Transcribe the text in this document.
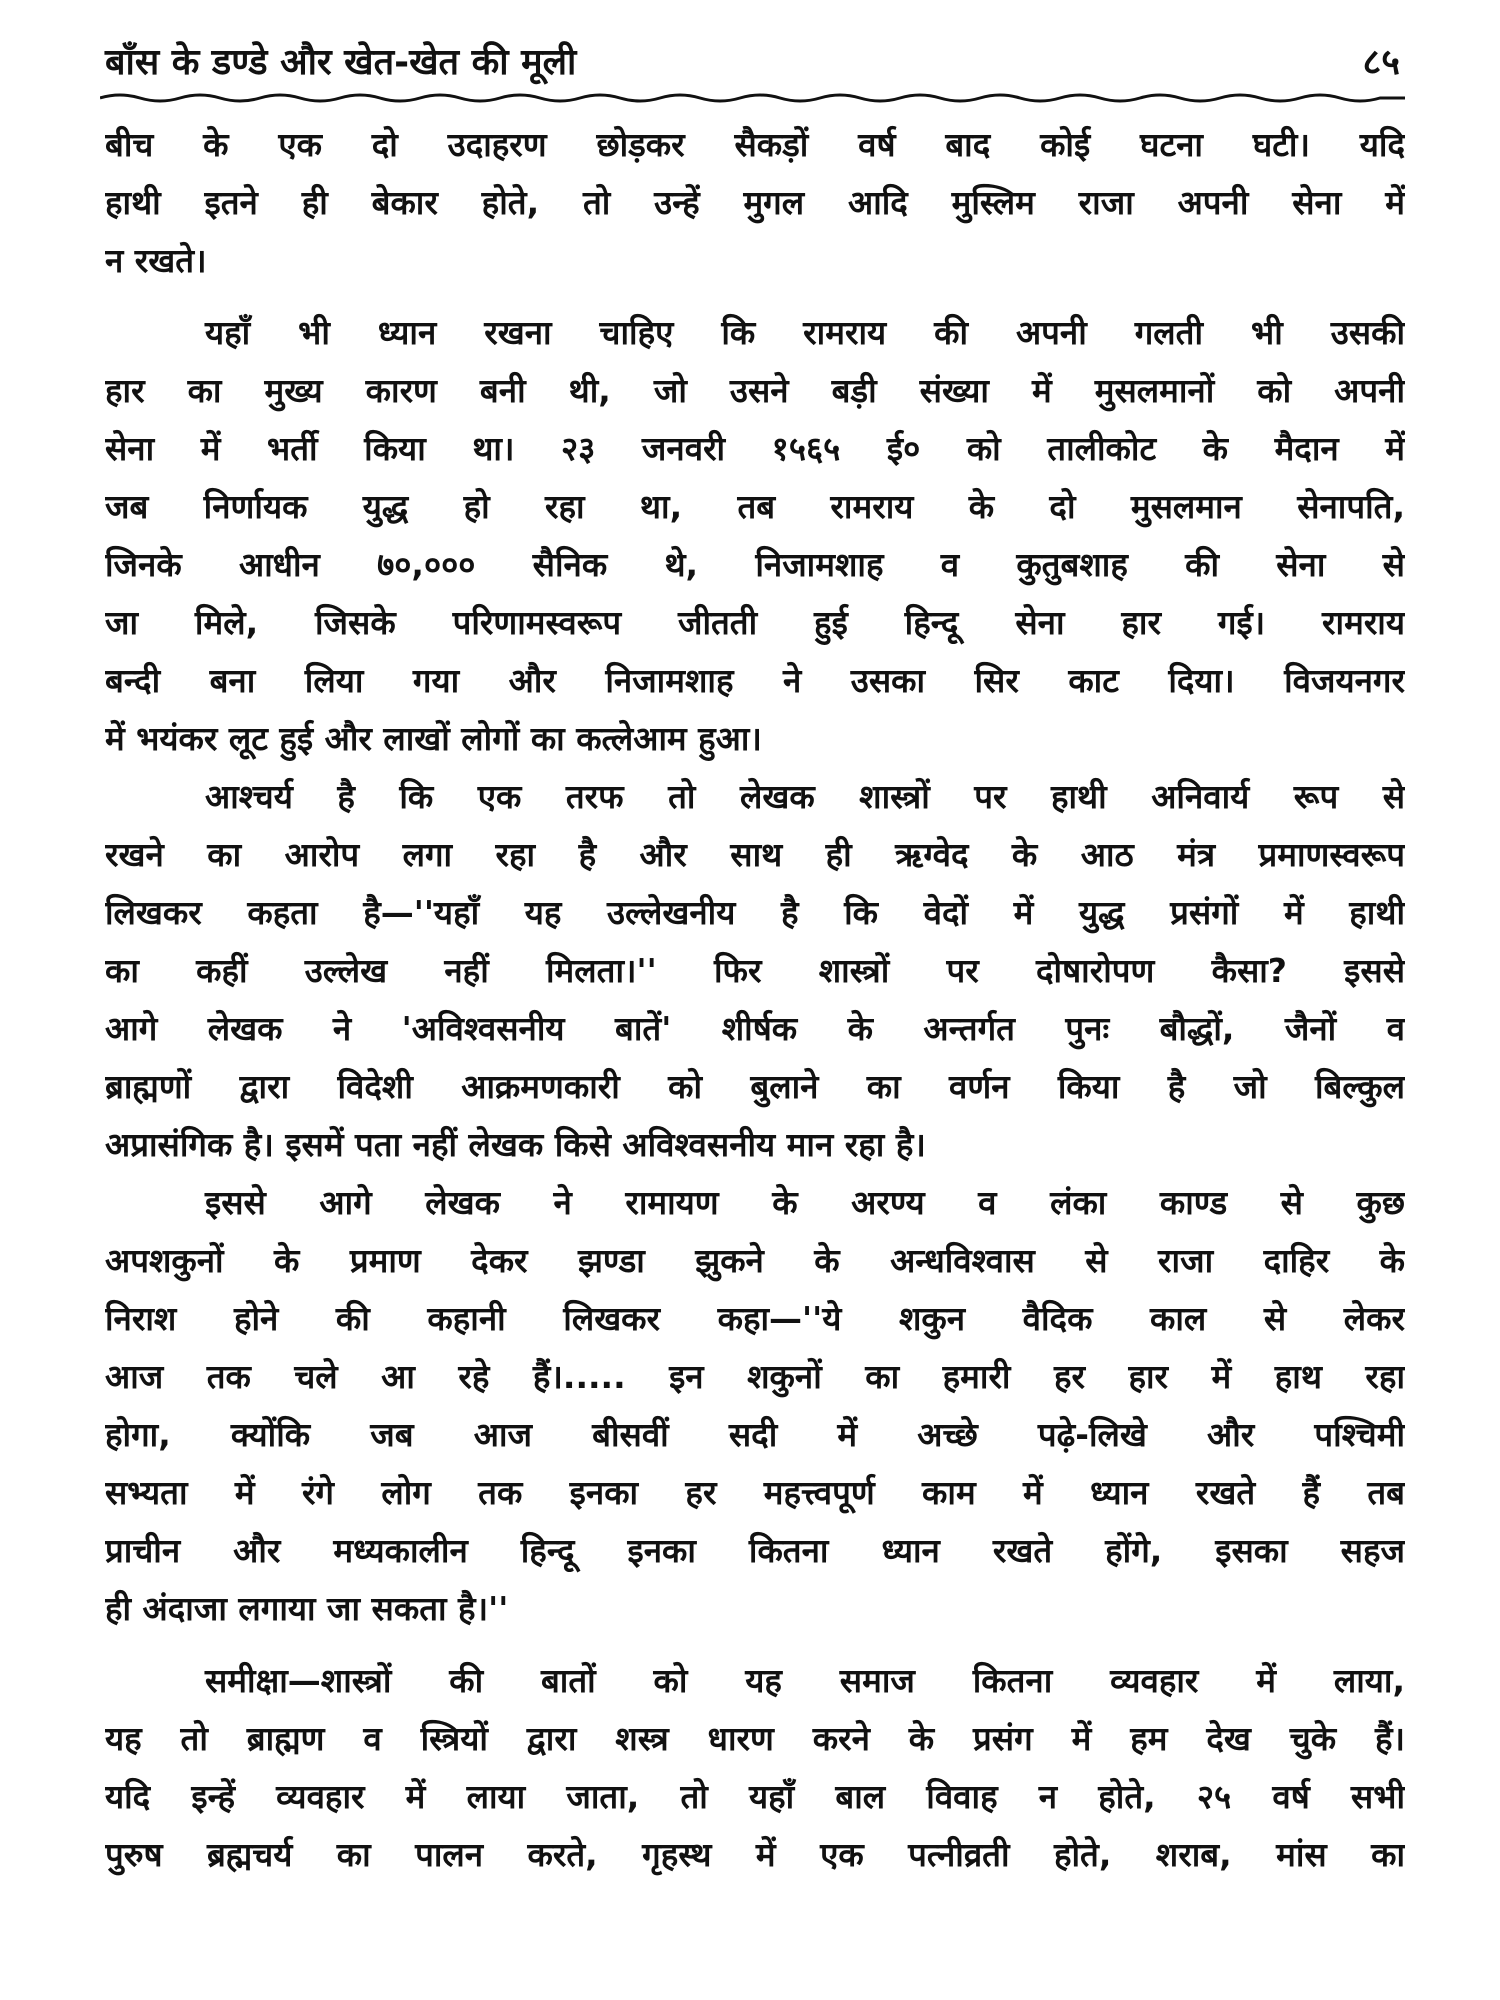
बाँस के डण्डे और खेत-खेत की मूली	८५
बीच के एक दो उदाहरण छोड़कर सैकड़ों वर्ष बाद कोई घटना घटी। यदि
हाथी इतने ही बेकार होते, तो उन्हें मुगल आदि मुस्लिम राजा अपनी सेना में
न रखते।
यहाँ भी ध्यान रखना चाहिए कि रामराय की अपनी गलती भी उसकी
हार का मुख्य कारण बनी थी, जो उसने बड़ी संख्या में मुसलमानों को अपनी
सेना में भर्ती किया था। २३ जनवरी १५६५ ई० को तालीकोट के मैदान में
जब निर्णायक युद्ध हो रहा था, तब रामराय के दो मुसलमान सेनापति,
जिनके आधीन ७०,००० सैनिक थे, निजामशाह व कुतुबशाह की सेना से
जा मिले, जिसके परिणामस्वरूप जीतती हुई हिन्दू सेना हार गई। रामराय
बन्दी बना लिया गया और निजामशाह ने उसका सिर काट दिया। विजयनगर
में भयंकर लूट हुई और लाखों लोगों का कत्लेआम हुआ।
आश्चर्य है कि एक तरफ तो लेखक शास्त्रों पर हाथी अनिवार्य रूप से
रखने का आरोप लगा रहा है और साथ ही ऋग्वेद के आठ मंत्र प्रमाणस्वरूप
लिखकर कहता है—''यहाँ यह उल्लेखनीय है कि वेदों में युद्ध प्रसंगों में हाथी
का कहीं उल्लेख नहीं मिलता।'' फिर शास्त्रों पर दोषारोपण कैसा? इससे
आगे लेखक ने 'अविश्वसनीय बातें' शीर्षक के अन्तर्गत पुनः बौद्धों, जैनों व
ब्राह्मणों द्वारा विदेशी आक्रमणकारी को बुलाने का वर्णन किया है जो बिल्कुल
अप्रासंगिक है। इसमें पता नहीं लेखक किसे अविश्वसनीय मान रहा है।
इससे आगे लेखक ने रामायण के अरण्य व लंका काण्ड से कुछ
अपशकुनों के प्रमाण देकर झण्डा झुकने के अन्धविश्वास से राजा दाहिर के
निराश होने की कहानी लिखकर कहा—''ये शकुन वैदिक काल से लेकर
आज तक चले आ रहे हैं।..... इन शकुनों का हमारी हर हार में हाथ रहा
होगा, क्योंकि जब आज बीसवीं सदी में अच्छे पढ़े-लिखे और पश्चिमी
सभ्यता में रंगे लोग तक इनका हर महत्त्वपूर्ण काम में ध्यान रखते हैं तब
प्राचीन और मध्यकालीन हिन्दू इनका कितना ध्यान रखते होंगे, इसका सहज
ही अंदाजा लगाया जा सकता है।''
समीक्षा—शास्त्रों की बातों को यह समाज कितना व्यवहार में लाया,
यह तो ब्राह्मण व स्त्रियों द्वारा शस्त्र धारण करने के प्रसंग में हम देख चुके हैं।
यदि इन्हें व्यवहार में लाया जाता, तो यहाँ बाल विवाह न होते, २५ वर्ष सभी
पुरुष ब्रह्मचर्य का पालन करते, गृहस्थ में एक पत्नीव्रती होते, शराब, मांस का
